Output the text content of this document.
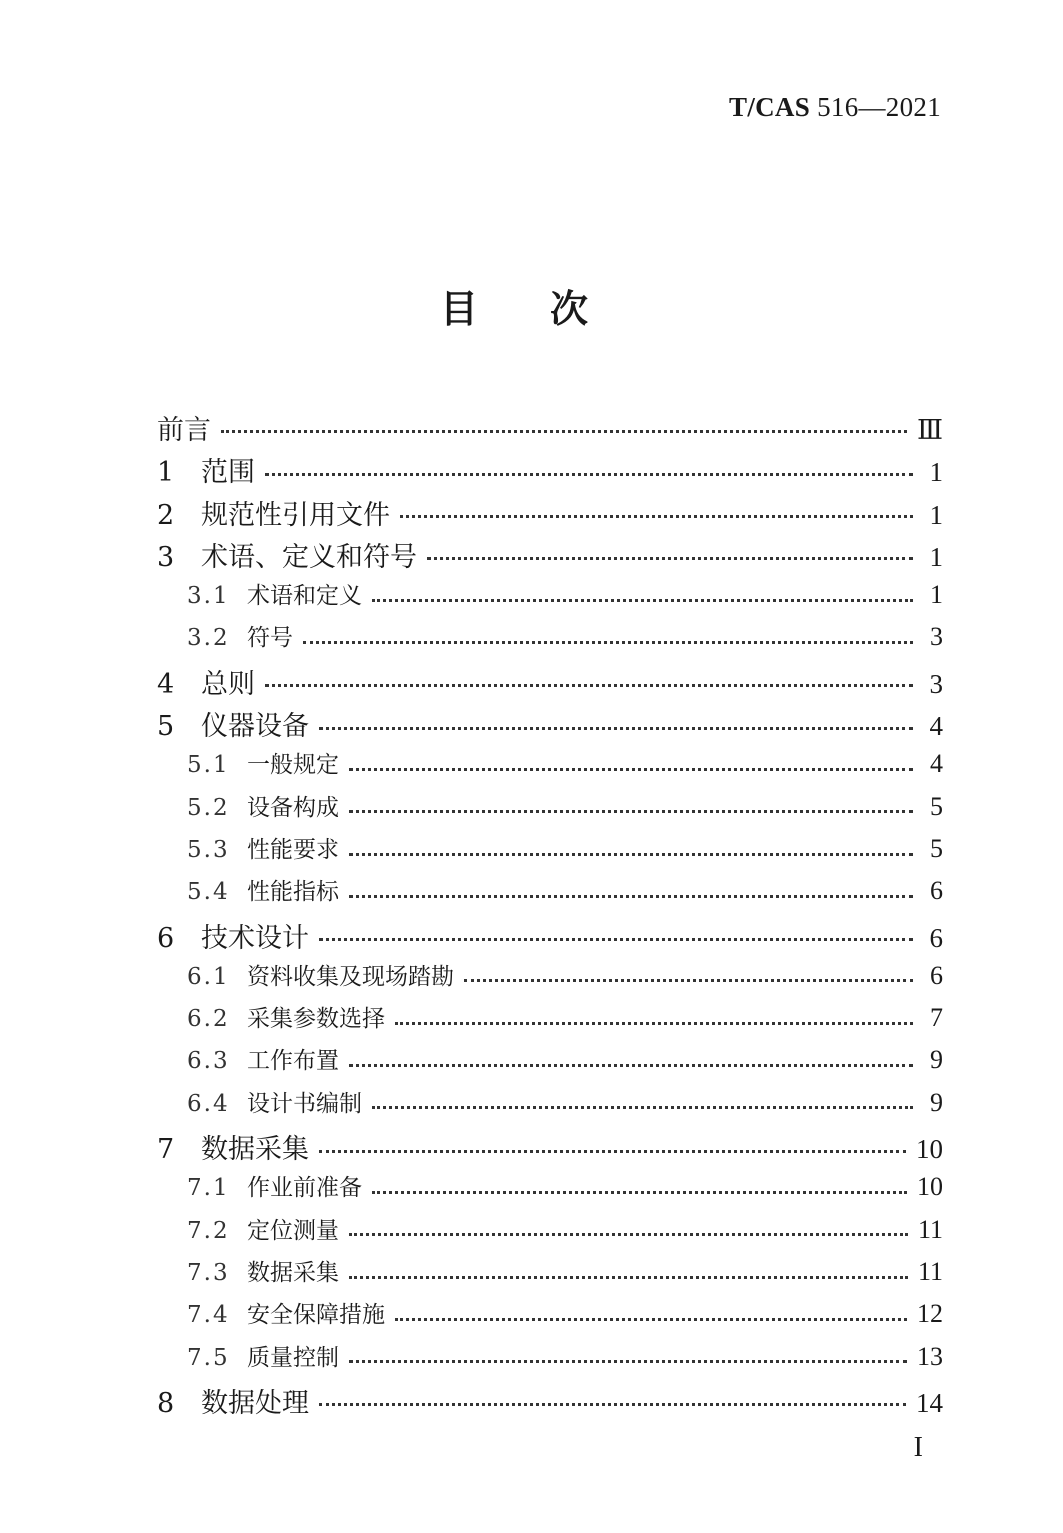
T/CAS 516—2021
目次
前言	Ⅲ
1 范围	1
2 规范性引用文件	1
3 术语、定义和符号	1
3.1 术语和定义	1
3.2 符号	3
4 总则	3
5 仪器设备	4
5.1 一般规定	4
5.2 设备构成	5
5.3 性能要求	5
5.4 性能指标	6
6 技术设计	6
6.1 资料收集及现场踏勘	6
6.2 采集参数选择	7
6.3 工作布置	9
6.4 设计书编制	9
7 数据采集	10
7.1 作业前准备	10
7.2 定位测量	11
7.3 数据采集	11
7.4 安全保障措施	12
7.5 质量控制	13
8 数据处理	14
I
